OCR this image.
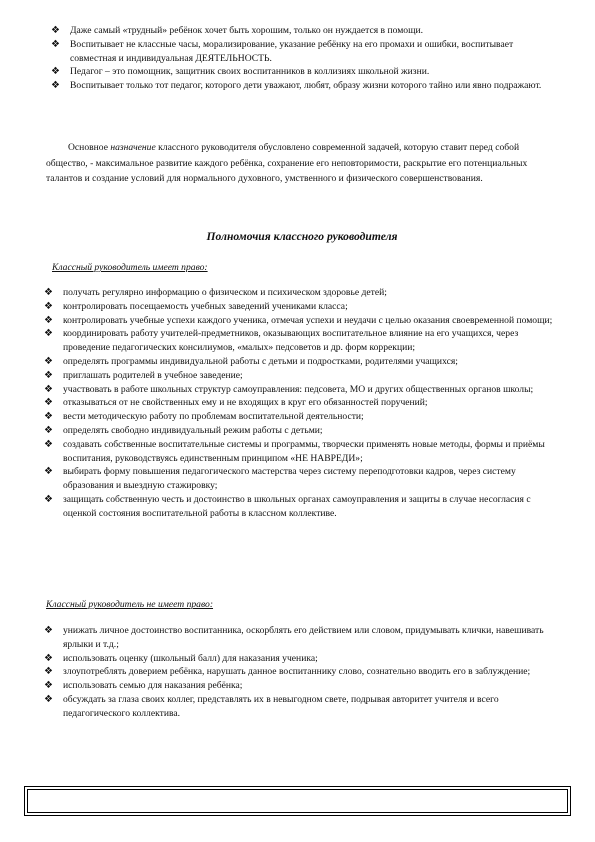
❖ Даже самый «трудный» ребёнок хочет быть хорошим, только он нуждается в помощи.
❖ Воспитывает не классные часы, морализирование, указание ребёнку на его промахи и ошибки, воспитывает совместная и индивидуальная ДЕЯТЕЛЬНОСТЬ.
❖ Педагог – это помощник, защитник своих воспитанников в коллизиях школьной жизни.
❖ Воспитывает только тот педагог, которого дети уважают, любят, образу жизни которого тайно или явно подражают.

Основное назначение классного руководителя обусловлено современной задачей, которую ставит перед собой общество, - максимальное развитие каждого ребёнка, сохранение его неповторимости, раскрытие его потенциальных талантов и создание условий для нормального духовного, умственного и физического совершенствования.

Полномочия классного руководителя

Классный руководитель имеет право:

❖ получать регулярно информацию о физическом и психическом здоровье детей;
❖ контролировать посещаемость учебных заведений учениками класса;
❖ контролировать учебные успехи каждого ученика, отмечая успехи и неудачи с целью оказания своевременной помощи;
❖ координировать работу учителей-предметников, оказывающих воспитательное влияние на его учащихся, через проведение педагогических консилиумов, «малых» педсоветов и др. форм коррекции;
❖ определять программы индивидуальной работы с детьми и подростками, родителями учащихся;
❖ приглашать родителей в учебное заведение;
❖ участвовать в работе школьных структур самоуправления: педсовета, МО и других общественных органов школы;
❖ отказываться от не свойственных ему и не входящих в круг его обязанностей поручений;
❖ вести методическую работу по проблемам воспитательной деятельности;
❖ определять свободно индивидуальный режим работы с детьми;
❖ создавать собственные воспитательные системы и программы, творчески применять новые методы, формы и приёмы воспитания, руководствуясь единственным принципом «НЕ НАВРЕДИ»;
❖ выбирать форму повышения педагогического мастерства через систему переподготовки кадров, через систему образования и выездную стажировку;
❖ защищать собственную честь и достоинство в школьных органах самоуправления и защиты в случае несогласия с оценкой состояния воспитательной работы в классном коллективе.

Классный руководитель не имеет право:

❖ унижать личное достоинство воспитанника, оскорблять его действием или словом, придумывать клички, навешивать ярлыки и т.д.;
❖ использовать оценку (школьный балл) для наказания ученика;
❖ злоупотреблять доверием ребёнка, нарушать данное воспитаннику слово, сознательно вводить его в заблуждение;
❖ использовать семью для наказания ребёнка;
❖ обсуждать за глаза своих коллег, представлять их в невыгодном свете, подрывая авторитет учителя и всего педагогического коллектива.
